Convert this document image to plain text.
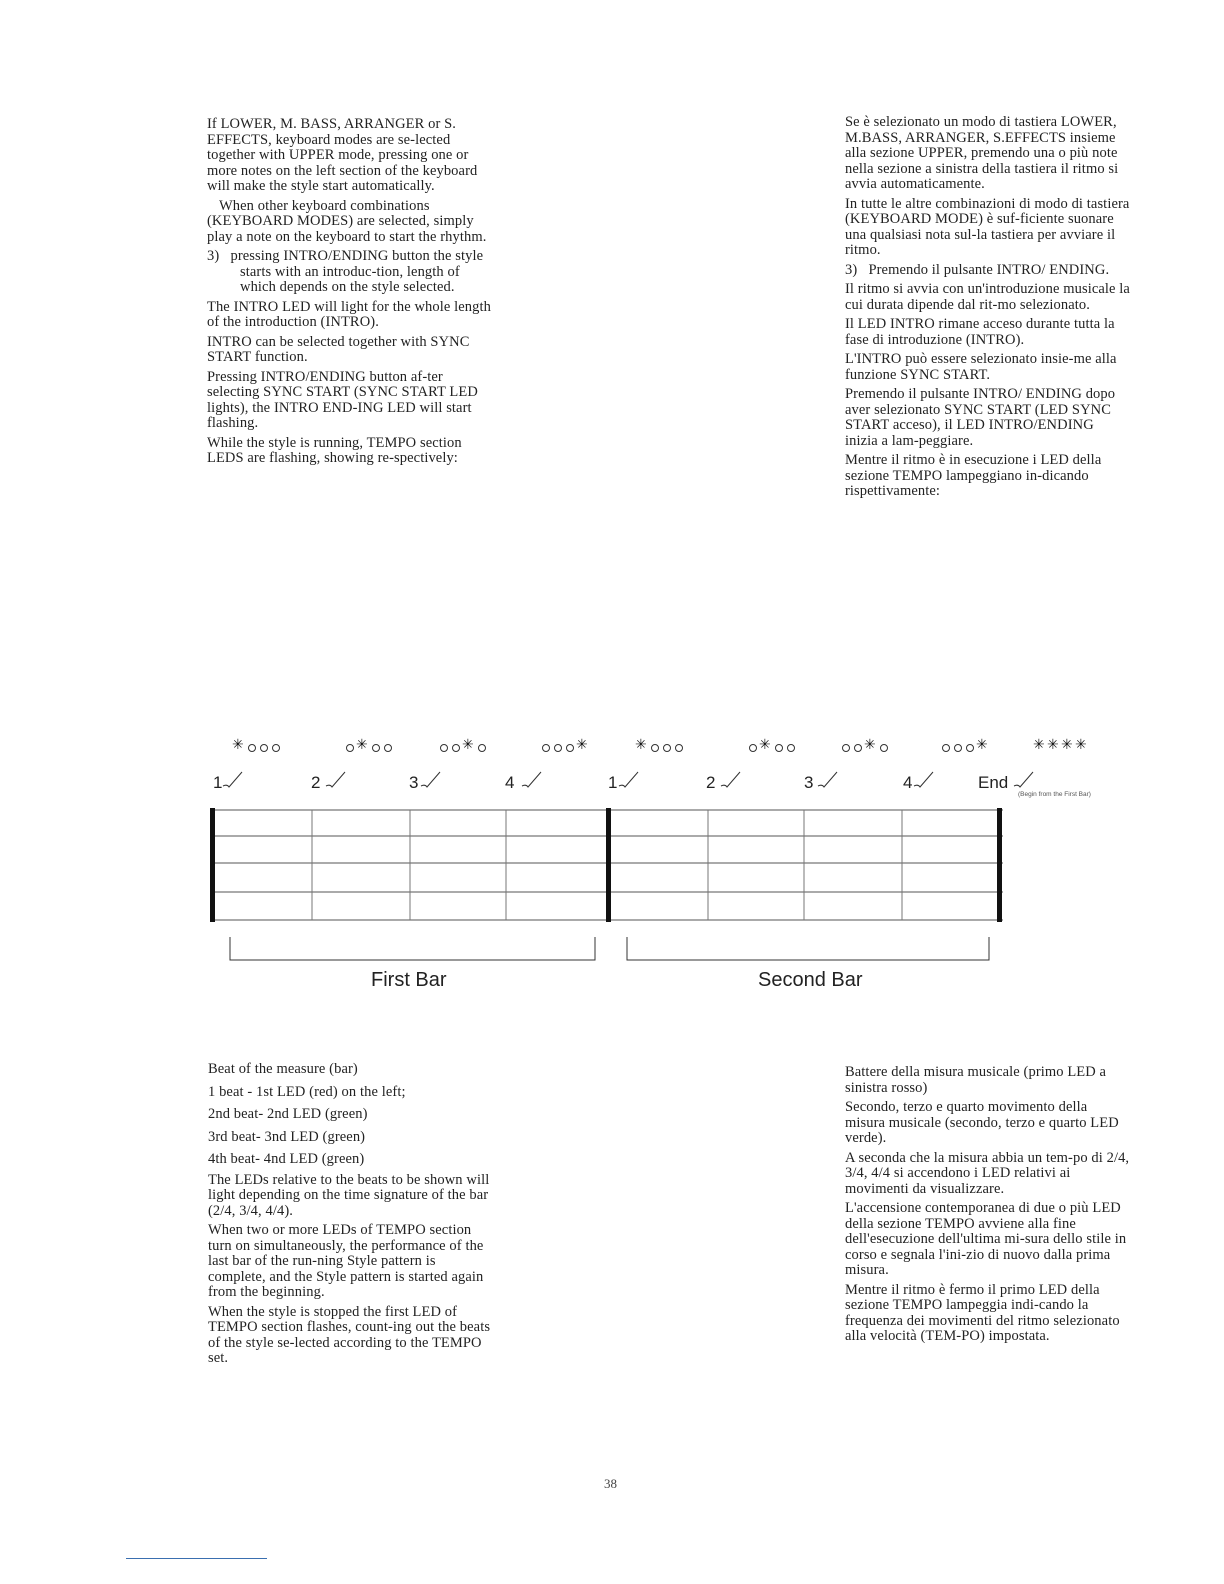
If LOWER, M. BASS, ARRANGER or S. EFFECTS, keyboard modes are se-lected together with UPPER mode, pressing one or more notes on the left section of the keyboard will make the style start automatically.

When other keyboard combinations (KEYBOARD MODES) are selected, simply play a note on the keyboard to start the rhythm.

3) pressing INTRO/ENDING button the style starts with an introduc-tion, length of which depends on the style selected.

The INTRO LED will light for the whole length of the introduction (INTRO).

INTRO can be selected together with SYNC START function.

Pressing INTRO/ENDING button af-ter selecting SYNC START (SYNC START LED lights), the INTRO END-ING LED will start flashing.

While the style is running, TEMPO section LEDS are flashing, showing re-spectively:

Se è selezionato un modo di tastiera LOWER, M.BASS, ARRANGER, S.EFFECTS insieme alla sezione UPPER, premendo una o più note nella sezione a sinistra della tastiera il ritmo si avvia automaticamente.

In tutte le altre combinazioni di modo di tastiera (KEYBOARD MODE) è suf-ficiente suonare una qualsiasi nota sul-la tastiera per avviare il ritmo.

3) Premendo il pulsante INTRO/ ENDING.

Il ritmo si avvia con un'introduzione musicale la cui durata dipende dal rit-mo selezionato.

Il LED INTRO rimane acceso durante tutta la fase di introduzione (INTRO).

L'INTRO può essere selezionato insie-me alla funzione SYNC START.

Premendo il pulsante INTRO/ ENDING dopo aver selezionato SYNC START (LED SYNC START acceso), il LED INTRO/ENDING inizia a lam-peggiare.

Mentre il ritmo è in esecuzione i LED della sezione TEMPO lampeggiano in-dicando rispettivamente:

✳
✳
✳
✳
✳
✳
✳
✳
✳✳✳✳
1	2	3	4	1	2	3	4	End
(Begin from the First Bar)
First Bar	Second Bar

Beat of the measure (bar)

1 beat - 1st LED (red) on the left;

2nd beat- 2nd LED (green)

3rd beat- 3nd LED (green)

4th beat- 4nd LED (green)

The LEDs relative to the beats to be shown will light depending on the time signature of the bar (2/4, 3/4, 4/4).

When two or more LEDs of TEMPO section turn on simultaneously, the performance of the last bar of the run-ning Style pattern is complete, and the Style pattern is started again from the beginning.

When the style is stopped the first LED of TEMPO section flashes, count-ing out the beats of the style se-lected according to the TEMPO set.

Battere della misura musicale (primo LED a sinistra rosso)

Secondo, terzo e quarto movimento della misura musicale (secondo, terzo e quarto LED verde).

A seconda che la misura abbia un tem-po di 2/4, 3/4, 4/4 si accendono i LED relativi ai movimenti da visualizzare.

L'accensione contemporanea di due o più LED della sezione TEMPO avviene alla fine dell'esecuzione dell'ultima mi-sura dello stile in corso e segnala l'ini-zio di nuovo dalla prima misura.

Mentre il ritmo è fermo il primo LED della sezione TEMPO lampeggia indi-cando la frequenza dei movimenti del ritmo selezionato alla velocità (TEM-PO) impostata.

38
